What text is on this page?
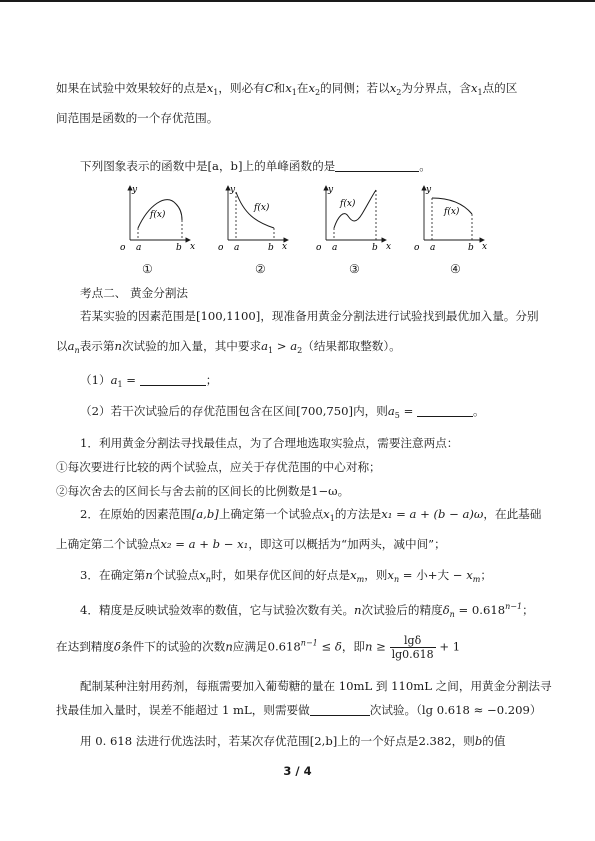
如果在试验中效果较好的点是$x_1$，则必有C和$x_1$在$x_2$的同侧；若以$x_2$为分界点，含$x_1$点的区
间范围是函数的一个存优范围。
下列图象表示的函数中是[a，b]上的单峰函数的是	。
y
o a	b x
f(x)
y
o a	b x
f(x)
y
o a	b x
f(x)
y
o a	b x
f(x)
①	②	③	④
考点二、 黄金分割法
若某实验的因素范围是[100,1100]，现准备用黄金分割法进行试验找到最优加入量。分别
以$a_n$表示第n次试验的加入量，其中要求$a_1 > a_2$（结果都取整数）。
$(1)a_1$ =	；
（2）若干次试验后的存优范围包含在区间[700,750]内，则$a_5$ =	。
1．利用黄金分割法寻找最佳点，为了合理地选取实验点，需要注意两点：
①每次要进行比较的两个试验点，应关于存优范围的中心对称；
②每次舍去的区间长与舍去前的区间长的比例数是1−ω。
2．在原始的因素范围[a,b]上确定第一个试验点$x_1$的方法是x₁ = a + (b − a)ω，在此基础
上确定第二个试验点x₂ = a + b − x₁，即这可以概括为“加两头，减中间”；
3．在确定第n个试验点$x_n$时，如果存优区间的好点是$x_m$，则$x_n$ = 小+大 − $x_m$；
4．精度是反映试验效率的数值，它与试验次数有关。n次试验后的精度$\delta_n = 0.618^{n-1}$；
在达到精度δ条件下的试验的次数n应满足$0.618^{n-1} \le \delta$，即$n \ge \frac{\lg\delta}{\lg 0.618} + 1$
配制某种注射用药剂，每瓶需要加入葡萄糖的量在 10mL 到 110mL 之间，用黄金分割法寻
找最佳加入量时，误差不能超过 1 mL，则需要做	次试验。（lg 0.618 ≈ −0.209）
用 0. 618 法进行优选法时，若某次存优范围[2,b]上的一个好点是2.382，则b的值
3 / 4
